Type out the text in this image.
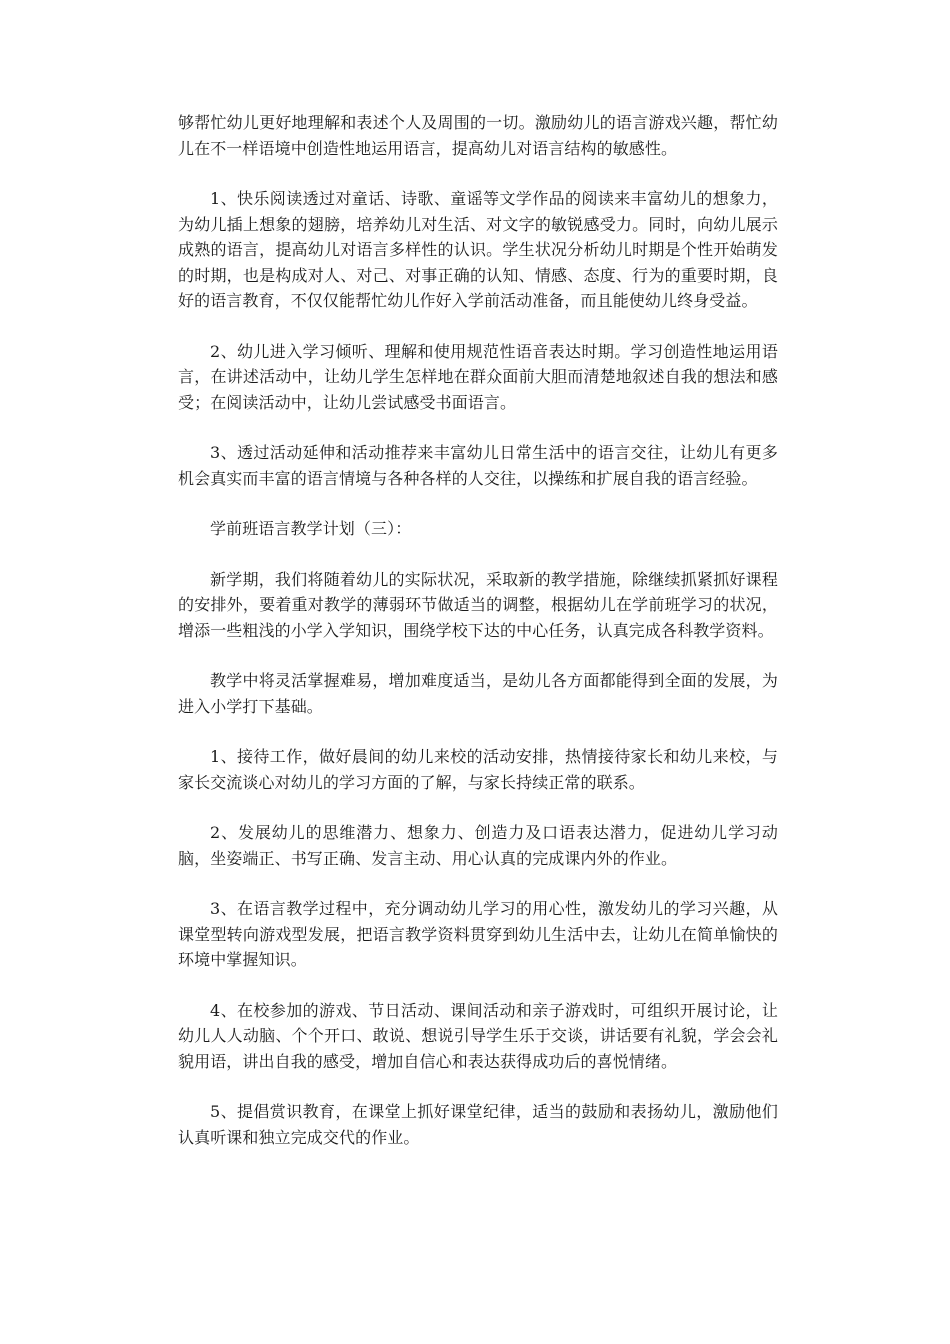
够帮忙幼儿更好地理解和表述个人及周围的一切。激励幼儿的语言游戏兴趣，帮忙幼儿在不一样语境中创造性地运用语言，提高幼儿对语言结构的敏感性。

1、快乐阅读透过对童话、诗歌、童谣等文学作品的阅读来丰富幼儿的想象力，为幼儿插上想象的翅膀，培养幼儿对生活、对文字的敏锐感受力。同时，向幼儿展示成熟的语言，提高幼儿对语言多样性的认识。学生状况分析幼儿时期是个性开始萌发的时期，也是构成对人、对己、对事正确的认知、情感、态度、行为的重要时期，良好的语言教育，不仅仅能帮忙幼儿作好入学前活动准备，而且能使幼儿终身受益。

2、幼儿进入学习倾听、理解和使用规范性语音表达时期。学习创造性地运用语言，在讲述活动中，让幼儿学生怎样地在群众面前大胆而清楚地叙述自我的想法和感受；在阅读活动中，让幼儿尝试感受书面语言。

3、透过活动延伸和活动推荐来丰富幼儿日常生活中的语言交往，让幼儿有更多机会真实而丰富的语言情境与各种各样的人交往，以操练和扩展自我的语言经验。

学前班语言教学计划（三）：

新学期，我们将随着幼儿的实际状况，采取新的教学措施，除继续抓紧抓好课程的安排外，要着重对教学的薄弱环节做适当的调整，根据幼儿在学前班学习的状况，增添一些粗浅的小学入学知识，围绕学校下达的中心任务，认真完成各科教学资料。

教学中将灵活掌握难易，增加难度适当，是幼儿各方面都能得到全面的发展，为进入小学打下基础。

1、接待工作，做好晨间的幼儿来校的活动安排，热情接待家长和幼儿来校，与家长交流谈心对幼儿的学习方面的了解，与家长持续正常的联系。

2、发展幼儿的思维潜力、想象力、创造力及口语表达潜力，促进幼儿学习动脑，坐姿端正、书写正确、发言主动、用心认真的完成课内外的作业。

3、在语言教学过程中，充分调动幼儿学习的用心性，激发幼儿的学习兴趣，从课堂型转向游戏型发展，把语言教学资料贯穿到幼儿生活中去，让幼儿在简单愉快的环境中掌握知识。

4、在校参加的游戏、节日活动、课间活动和亲子游戏时，可组织开展讨论，让幼儿人人动脑、个个开口、敢说、想说引导学生乐于交谈，讲话要有礼貌，学会会礼貌用语，讲出自我的感受，增加自信心和表达获得成功后的喜悦情绪。

5、提倡赏识教育，在课堂上抓好课堂纪律，适当的鼓励和表扬幼儿，激励他们认真听课和独立完成交代的作业。
